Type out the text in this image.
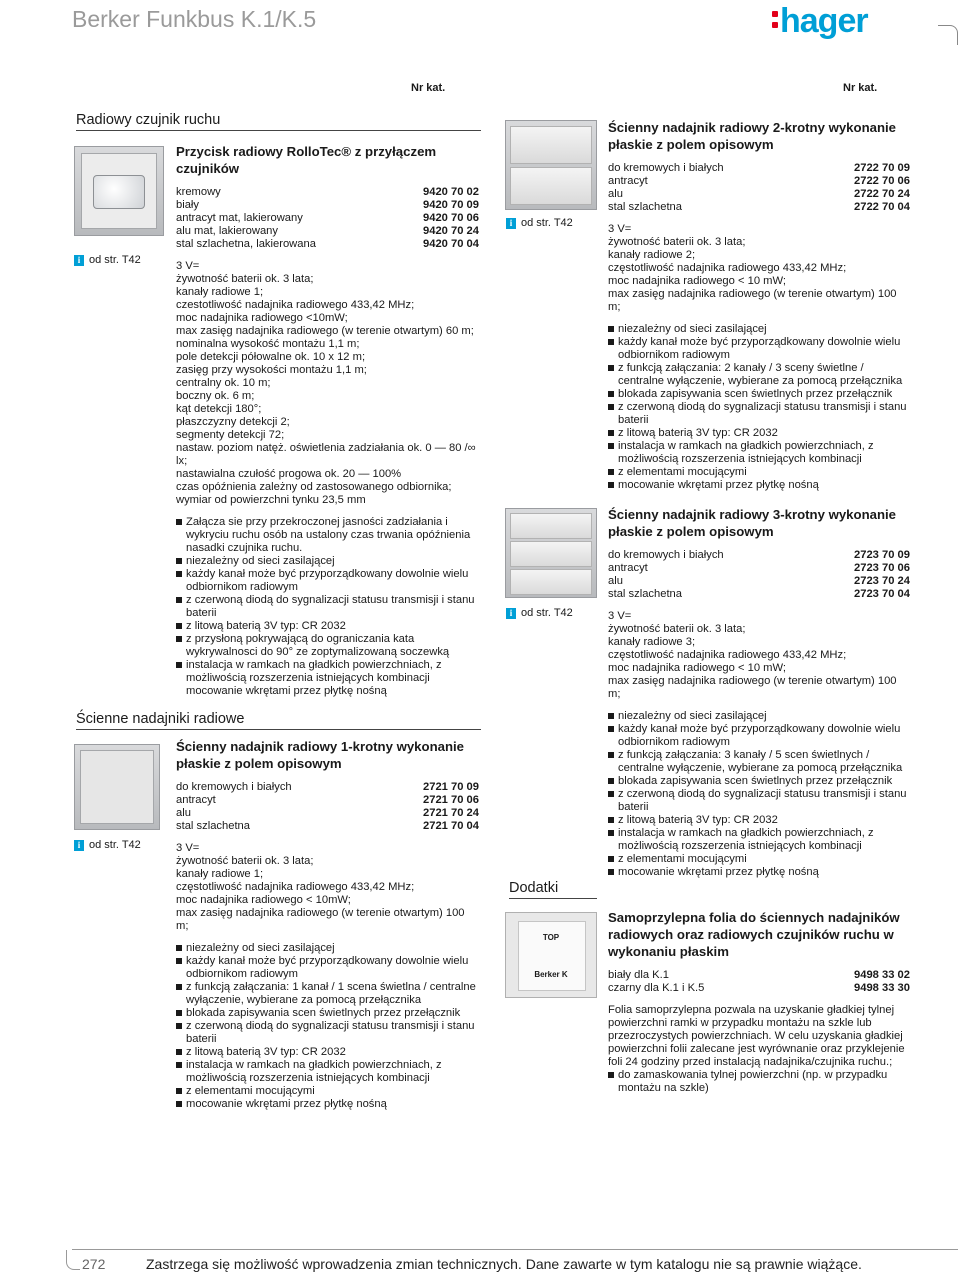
Berker Funkbus K.1/K.5	hager
Nr kat.	Nr kat.
Radiowy czujnik ruchu
i od str. T42
Przycisk radiowy RolloTec® z przyłączem czujników
kremowy	9420 70 02
biały	9420 70 09
antracyt mat, lakierowany	9420 70 06
alu mat, lakierowany	9420 70 24
stal szlachetna, lakierowana	9420 70 04
3 V=
żywotność baterii ok. 3 lata;
kanały radiowe 1;
czestotliwość nadajnika radiowego 433,42 MHz;
moc nadajnika radiowego <10mW;
max zasięg nadajnika radiowego (w terenie otwartym) 60 m;
nominalna wysokość montażu 1,1 m;
pole detekcji półowalne ok. 10 x 12 m;
zasięg przy wysokości montażu 1,1 m;
centralny ok. 10 m;
boczny ok. 6 m;
kąt detekcji 180°;
płaszczyzny detekcji 2;
segmenty detekcji 72;
nastaw. poziom natęż. oświetlenia zadziałania ok. 0 — 80 /∞ lx;
nastawialna czułość progowa ok. 20 — 100%
czas opóźnienia zależny od zastosowanego odbiornika;
wymiar od powierzchni tynku 23,5 mm
Załącza sie przy przekroczonej jasności zadziałania i wykryciu ruchu osób na ustalony czas trwania opóźnienia nasadki czujnika ruchu.
niezależny od sieci zasilającej
każdy kanał może być przyporządkowany dowolnie wielu odbiornikom radiowym
z czerwoną diodą do sygnalizacji statusu transmisji i stanu baterii
z litową baterią 3V typ: CR 2032
z przysłoną pokrywającą do ograniczania kata wykrywalnosci do 90° ze zoptymalizowaną soczewką
instalacja w ramkach na gładkich powierzchniach, z możliwością rozszerzenia istniejących kombinacji mocowanie wkrętami przez płytkę nośną
Ścienne nadajniki radiowe
i od str. T42
Ścienny nadajnik radiowy 1-krotny wykonanie płaskie z polem opisowym
do kremowych i białych	2721 70 09
antracyt	2721 70 06
alu	2721 70 24
stal szlachetna	2721 70 04
3 V=
żywotność baterii ok. 3 lata;
kanały radiowe 1;
częstotliwość nadajnika radiowego 433,42 MHz;
moc nadajnika radiowego < 10mW;
max zasięg nadajnika radiowego (w terenie otwartym) 100 m;
niezależny od sieci zasilającej
każdy kanał może być przyporządkowany dowolnie wielu odbiornikom radiowym
z funkcją załączania: 1 kanał / 1 scena świetlna / centralne wyłączenie, wybierane za pomocą przełącznika
blokada zapisywania scen świetlnych przez przełącznik
z czerwoną diodą do sygnalizacji statusu transmisji i stanu baterii
z litową baterią 3V typ: CR 2032
instalacja w ramkach na gładkich powierzchniach, z możliwością rozszerzenia istniejących kombinacji
z elementami mocującymi
mocowanie wkrętami przez płytkę nośną
i od str. T42
Ścienny nadajnik radiowy 2-krotny wykonanie płaskie z polem opisowym
do kremowych i białych	2722 70 09
antracyt	2722 70 06
alu	2722 70 24
stal szlachetna	2722 70 04
3 V=
żywotność baterii ok. 3 lata;
kanały radiowe 2;
częstotliwość nadajnika radiowego 433,42 MHz;
moc nadajnika radiowego < 10 mW;
max zasięg nadajnika radiowego (w terenie otwartym) 100 m;
niezależny od sieci zasilającej
każdy kanał może być przyporządkowany dowolnie wielu odbiornikom radiowym
z funkcją załączania: 2 kanały / 3 sceny świetlne / centralne wyłączenie, wybierane za pomocą przełącznika
blokada zapisywania scen świetlnych przez przełącznik
z czerwoną diodą do sygnalizacji statusu transmisji i stanu baterii
z litową baterią 3V typ: CR 2032
instalacja w ramkach na gładkich powierzchniach, z możliwością rozszerzenia istniejących kombinacji
z elementami mocującymi
mocowanie wkrętami przez płytkę nośną
i od str. T42
Ścienny nadajnik radiowy 3-krotny wykonanie płaskie z polem opisowym
do kremowych i białych	2723 70 09
antracyt	2723 70 06
alu	2723 70 24
stal szlachetna	2723 70 04
3 V=
żywotność baterii ok. 3 lata;
kanały radiowe 3;
częstotliwość nadajnika radiowego 433,42 MHz;
moc nadajnika radiowego < 10 mW;
max zasięg nadajnika radiowego (w terenie otwartym) 100 m;
niezależny od sieci zasilającej
każdy kanał może być przyporządkowany dowolnie wielu odbiornikom radiowym
z funkcją załączania: 3 kanały / 5 scen świetlnych / centralne wyłączenie, wybierane za pomocą przełącznika
blokada zapisywania scen świetlnych przez przełącznik
z czerwoną diodą do sygnalizacji statusu transmisji i stanu baterii
z litową baterią 3V typ: CR 2032
instalacja w ramkach na gładkich powierzchniach, z możliwością rozszerzenia istniejących kombinacji
z elementami mocującymi
mocowanie wkrętami przez płytkę nośną
Dodatki
TOP
Berker K
Samoprzylepna folia do ściennych nadajników radiowych oraz radiowych czujników ruchu w wykonaniu płaskim
biały dla K.1	9498 33 02
czarny dla K.1 i K.5	9498 33 30
Folia samoprzylepna pozwala na uzyskanie gładkiej tylnej powierzchni ramki w przypadku montażu na szkle lub przezroczystych powierzchniach. W celu uzyskania gładkiej powierzchni folii zalecane jest wyrównanie oraz przyklejenie foli 24 godziny przed instalacją nadajnika/czujnika ruchu.;
do zamaskowania tylnej powierzchni (np. w przypadku montażu na szkle)
272	Zastrzega się możliwość wprowadzenia zmian technicznych. Dane zawarte w tym katalogu nie są prawnie wiążące.
